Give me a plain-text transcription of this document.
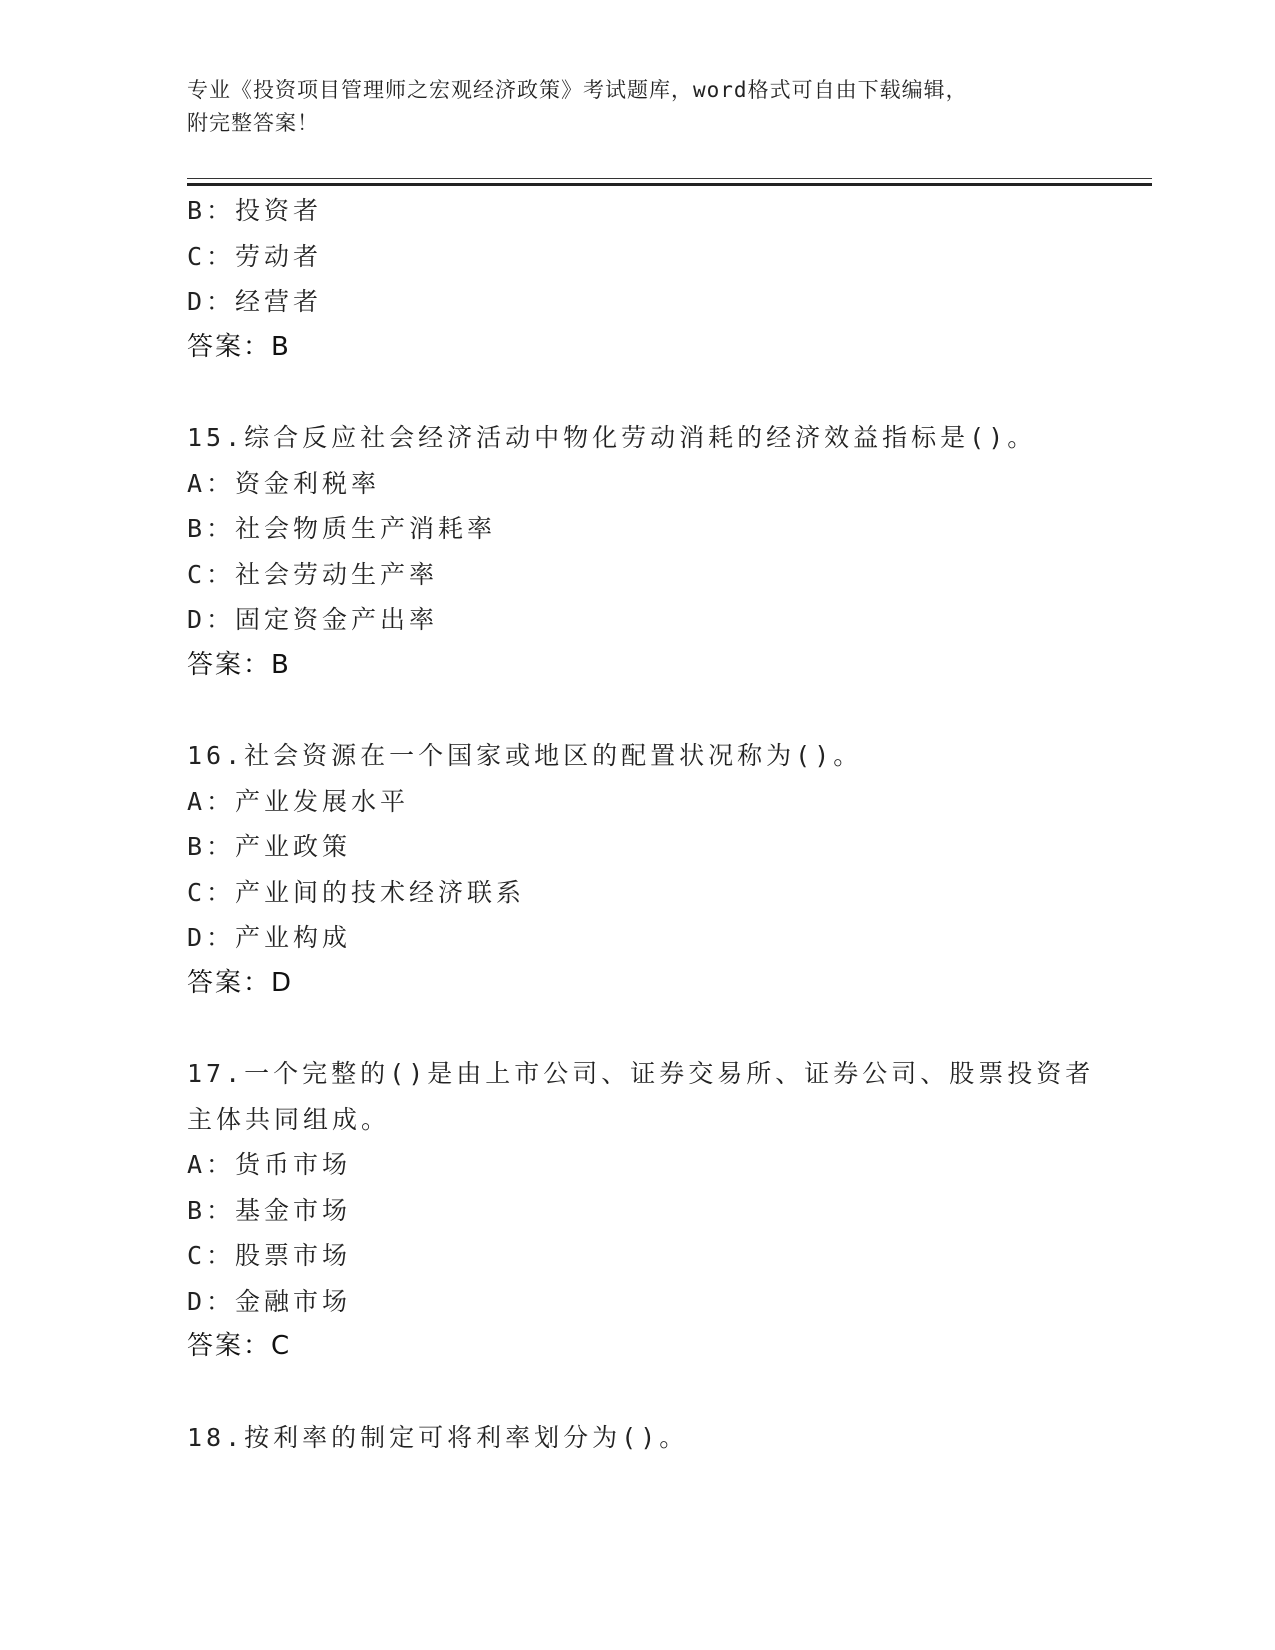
专业《投资项目管理师之宏观经济政策》考试题库，word格式可自由下载编辑，
附完整答案！
B：投资者
C：劳动者
D：经营者
答案：B
15.综合反应社会经济活动中物化劳动消耗的经济效益指标是()。
A：资金利税率
B：社会物质生产消耗率
C：社会劳动生产率
D：固定资金产出率
答案：B
16.社会资源在一个国家或地区的配置状况称为()。
A：产业发展水平
B：产业政策
C：产业间的技术经济联系
D：产业构成
答案：D
17.一个完整的()是由上市公司、证券交易所、证券公司、股票投资者
主体共同组成。
A：货币市场
B：基金市场
C：股票市场
D：金融市场
答案：C
18.按利率的制定可将利率划分为()。
